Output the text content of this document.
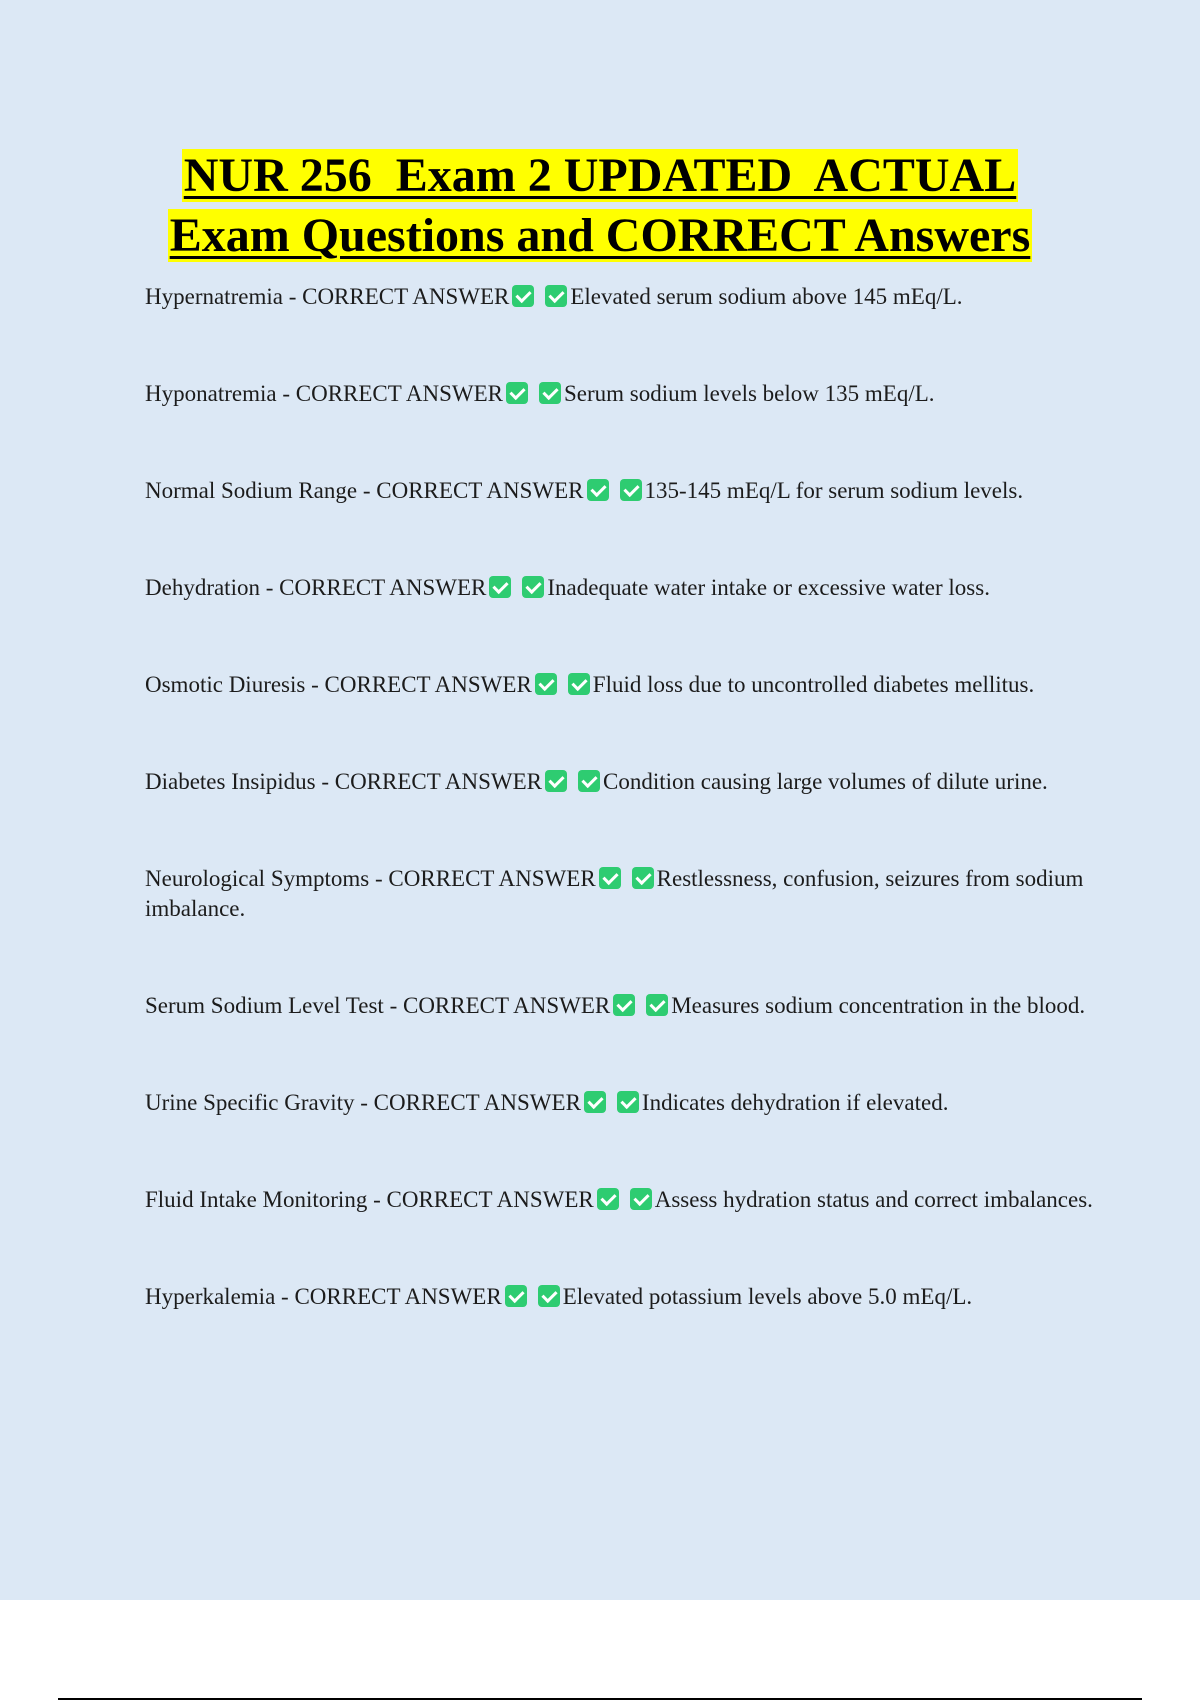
NUR 256  Exam 2 UPDATED  ACTUAL
Exam Questions and CORRECT Answers
Hypernatremia - CORRECT ANSWER	Elevated serum sodium above 145 mEq/L.
Hyponatremia - CORRECT ANSWER	Serum sodium levels below 135 mEq/L.
Normal Sodium Range - CORRECT ANSWER	135-145 mEq/L for serum sodium levels.
Dehydration - CORRECT ANSWER	Inadequate water intake or excessive water loss.
Osmotic Diuresis - CORRECT ANSWER	Fluid loss due to uncontrolled diabetes mellitus.
Diabetes Insipidus - CORRECT ANSWER	Condition causing large volumes of dilute urine.
Neurological Symptoms - CORRECT ANSWER	Restlessness, confusion, seizures from sodium imbalance.
Serum Sodium Level Test - CORRECT ANSWER	Measures sodium concentration in the blood.
Urine Specific Gravity - CORRECT ANSWER	Indicates dehydration if elevated.
Fluid Intake Monitoring - CORRECT ANSWER	Assess hydration status and correct imbalances.
Hyperkalemia - CORRECT ANSWER	Elevated potassium levels above 5.0 mEq/L.
